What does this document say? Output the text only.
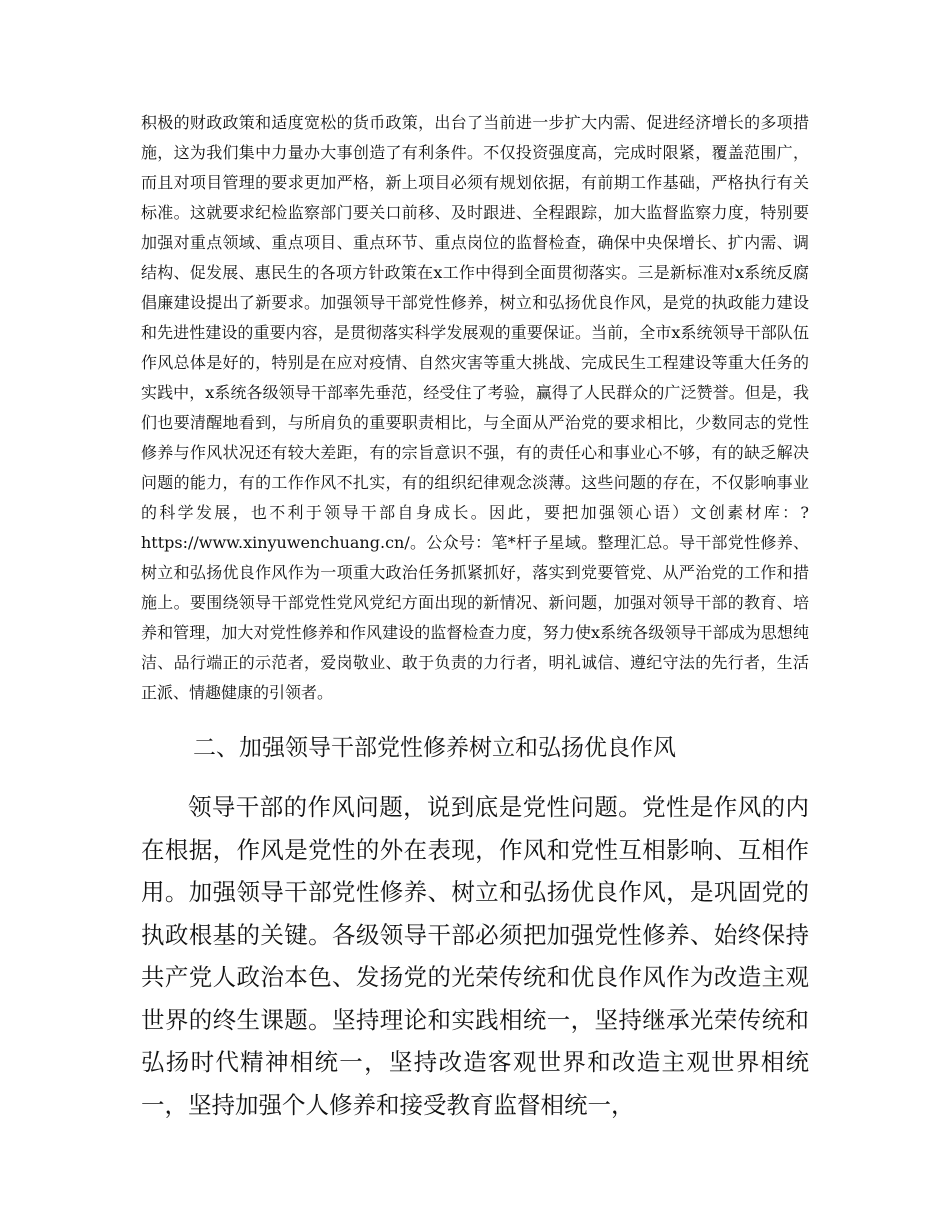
积极的财政政策和适度宽松的货币政策，出台了当前进一步扩大内需、促进经济增长的多项措施，这为我们集中力量办大事创造了有利条件。不仅投资强度高，完成时限紧，覆盖范围广，而且对项目管理的要求更加严格，新上项目必须有规划依据，有前期工作基础，严格执行有关标准。这就要求纪检监察部门要关口前移、及时跟进、全程跟踪，加大监督监察力度，特别要加强对重点领域、重点项目、重点环节、重点岗位的监督检查，确保中央保增长、扩内需、调结构、促发展、惠民生的各项方针政策在x工作中得到全面贯彻落实。三是新标准对x系统反腐倡廉建设提出了新要求。加强领导干部党性修养，树立和弘扬优良作风，是党的执政能力建设和先进性建设的重要内容，是贯彻落实科学发展观的重要保证。当前，全市x系统领导干部队伍作风总体是好的，特别是在应对疫情、自然灾害等重大挑战、完成民生工程建设等重大任务的实践中，x系统各级领导干部率先垂范，经受住了考验，赢得了人民群众的广泛赞誉。但是，我们也要清醒地看到，与所肩负的重要职责相比，与全面从严治党的要求相比，少数同志的党性修养与作风状况还有较大差距，有的宗旨意识不强，有的责任心和事业心不够，有的缺乏解决问题的能力，有的工作作风不扎实，有的组织纪律观念淡薄。这些问题的存在，不仅影响事业的科学发展，也不利于领导干部自身成长。因此，要把加强领心语）文创素材库：?https://www.xinyuwenchuang.cn/。公众号：笔*杆子星域。整理汇总。导干部党性修养、树立和弘扬优良作风作为一项重大政治任务抓紧抓好，落实到党要管党、从严治党的工作和措施上。要围绕领导干部党性党风党纪方面出现的新情况、新问题，加强对领导干部的教育、培养和管理，加大对党性修养和作风建设的监督检查力度，努力使x系统各级领导干部成为思想纯洁、品行端正的示范者，爱岗敬业、敢于负责的力行者，明礼诚信、遵纪守法的先行者，生活正派、情趣健康的引领者。

二、加强领导干部党性修养树立和弘扬优良作风

领导干部的作风问题，说到底是党性问题。党性是作风的内在根据，作风是党性的外在表现，作风和党性互相影响、互相作用。加强领导干部党性修养、树立和弘扬优良作风，是巩固党的执政根基的关键。各级领导干部必须把加强党性修养、始终保持共产党人政治本色、发扬党的光荣传统和优良作风作为改造主观世界的终生课题。坚持理论和实践相统一，坚持继承光荣传统和弘扬时代精神相统一，坚持改造客观世界和改造主观世界相统一，坚持加强个人修养和接受教育监督相统一，
